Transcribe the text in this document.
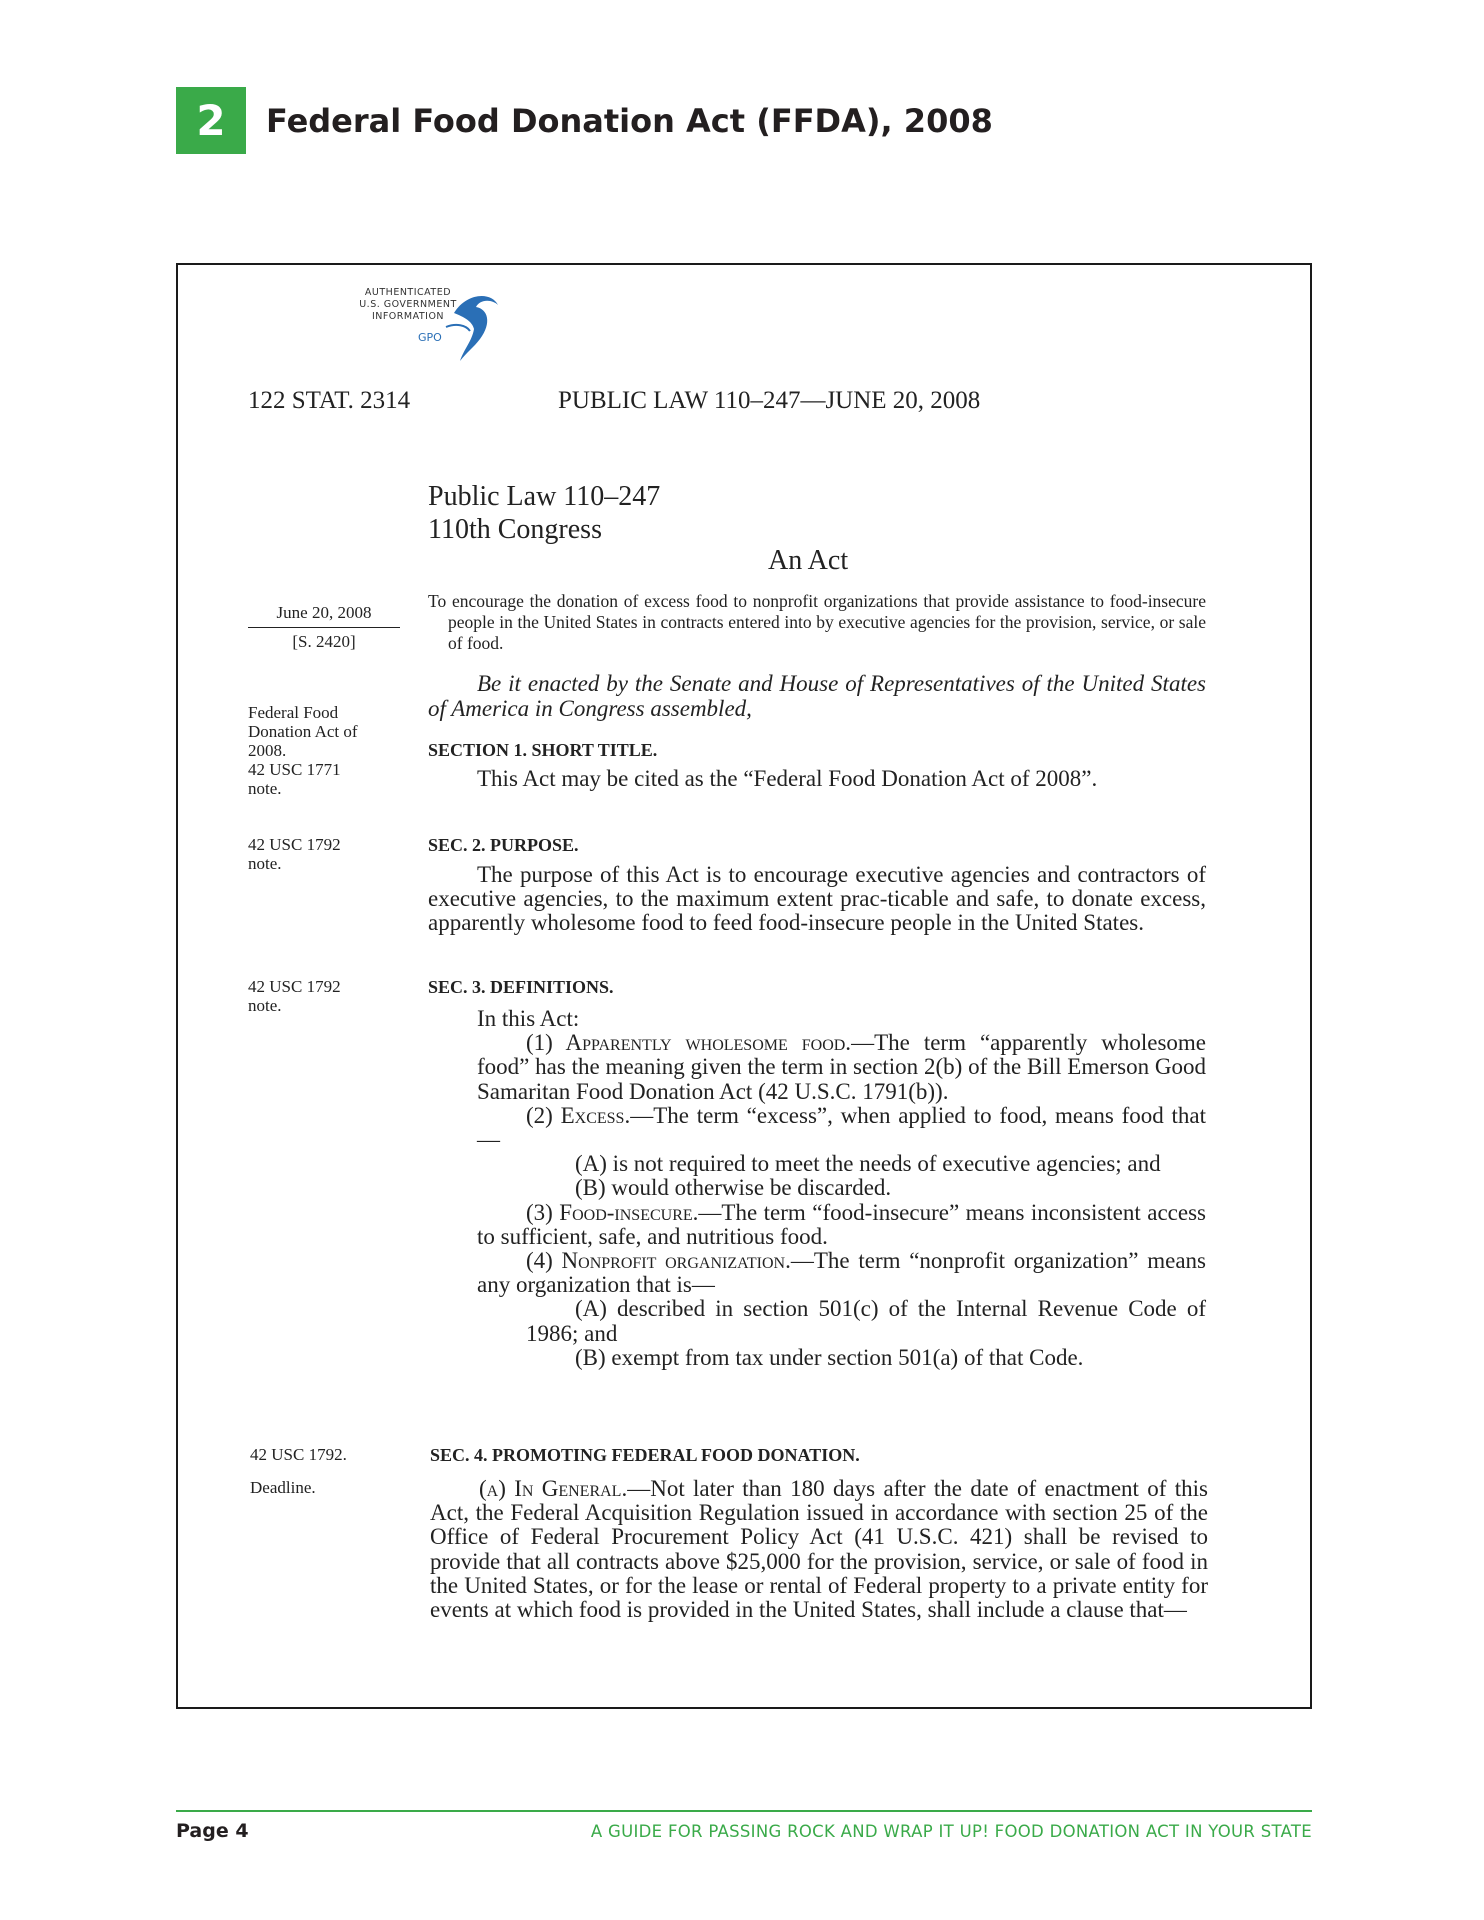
2	Federal Food Donation Act (FFDA), 2008
AUTHENTICATED
U.S. GOVERNMENT
INFORMATION
GPO
122 STAT. 2314	PUBLIC LAW 110–247—JUNE 20, 2008
Public Law 110–247
110th Congress
An Act
June 20, 2008
[S. 2420]
To encourage the donation of excess food to nonprofit organizations that provide assistance to food-insecure people in the United States in contracts entered into by executive agencies for the provision, service, or sale of food.
Be it enacted by the Senate and House of Representatives of the United States of America in Congress assembled,
Federal Food
Donation Act of
2008.
42 USC 1771
note.
SECTION 1. SHORT TITLE.
This Act may be cited as the “Federal Food Donation Act of 2008”.
42 USC 1792
note.
SEC. 2. PURPOSE.
The purpose of this Act is to encourage executive agencies and contractors of executive agencies, to the maximum extent prac-ticable and safe, to donate excess, apparently wholesome food to feed food-insecure people in the United States.
42 USC 1792
note.
SEC. 3. DEFINITIONS.
In this Act:
(1) Apparently wholesome food.—The term “apparently wholesome food” has the meaning given the term in section 2(b) of the Bill Emerson Good Samaritan Food Donation Act (42 U.S.C. 1791(b)).
(2) Excess.—The term “excess”, when applied to food, means food that—
(A) is not required to meet the needs of executive agencies; and
(B) would otherwise be discarded.
(3) Food-insecure.—The term “food-insecure” means inconsistent access to sufficient, safe, and nutritious food.
(4) Nonprofit organization.—The term “nonprofit organization” means any organization that is—
(A) described in section 501(c) of the Internal Revenue Code of 1986; and
(B) exempt from tax under section 501(a) of that Code.
42 USC 1792.
Deadline.
SEC. 4. PROMOTING FEDERAL FOOD DONATION.
(a) In General.—Not later than 180 days after the date of enactment of this Act, the Federal Acquisition Regulation issued in accordance with section 25 of the Office of Federal Procurement Policy Act (41 U.S.C. 421) shall be revised to provide that all contracts above $25,000 for the provision, service, or sale of food in the United States, or for the lease or rental of Federal property to a private entity for events at which food is provided in the United States, shall include a clause that—
Page 4	A GUIDE FOR PASSING ROCK AND WRAP IT UP! FOOD DONATION ACT IN YOUR STATE
